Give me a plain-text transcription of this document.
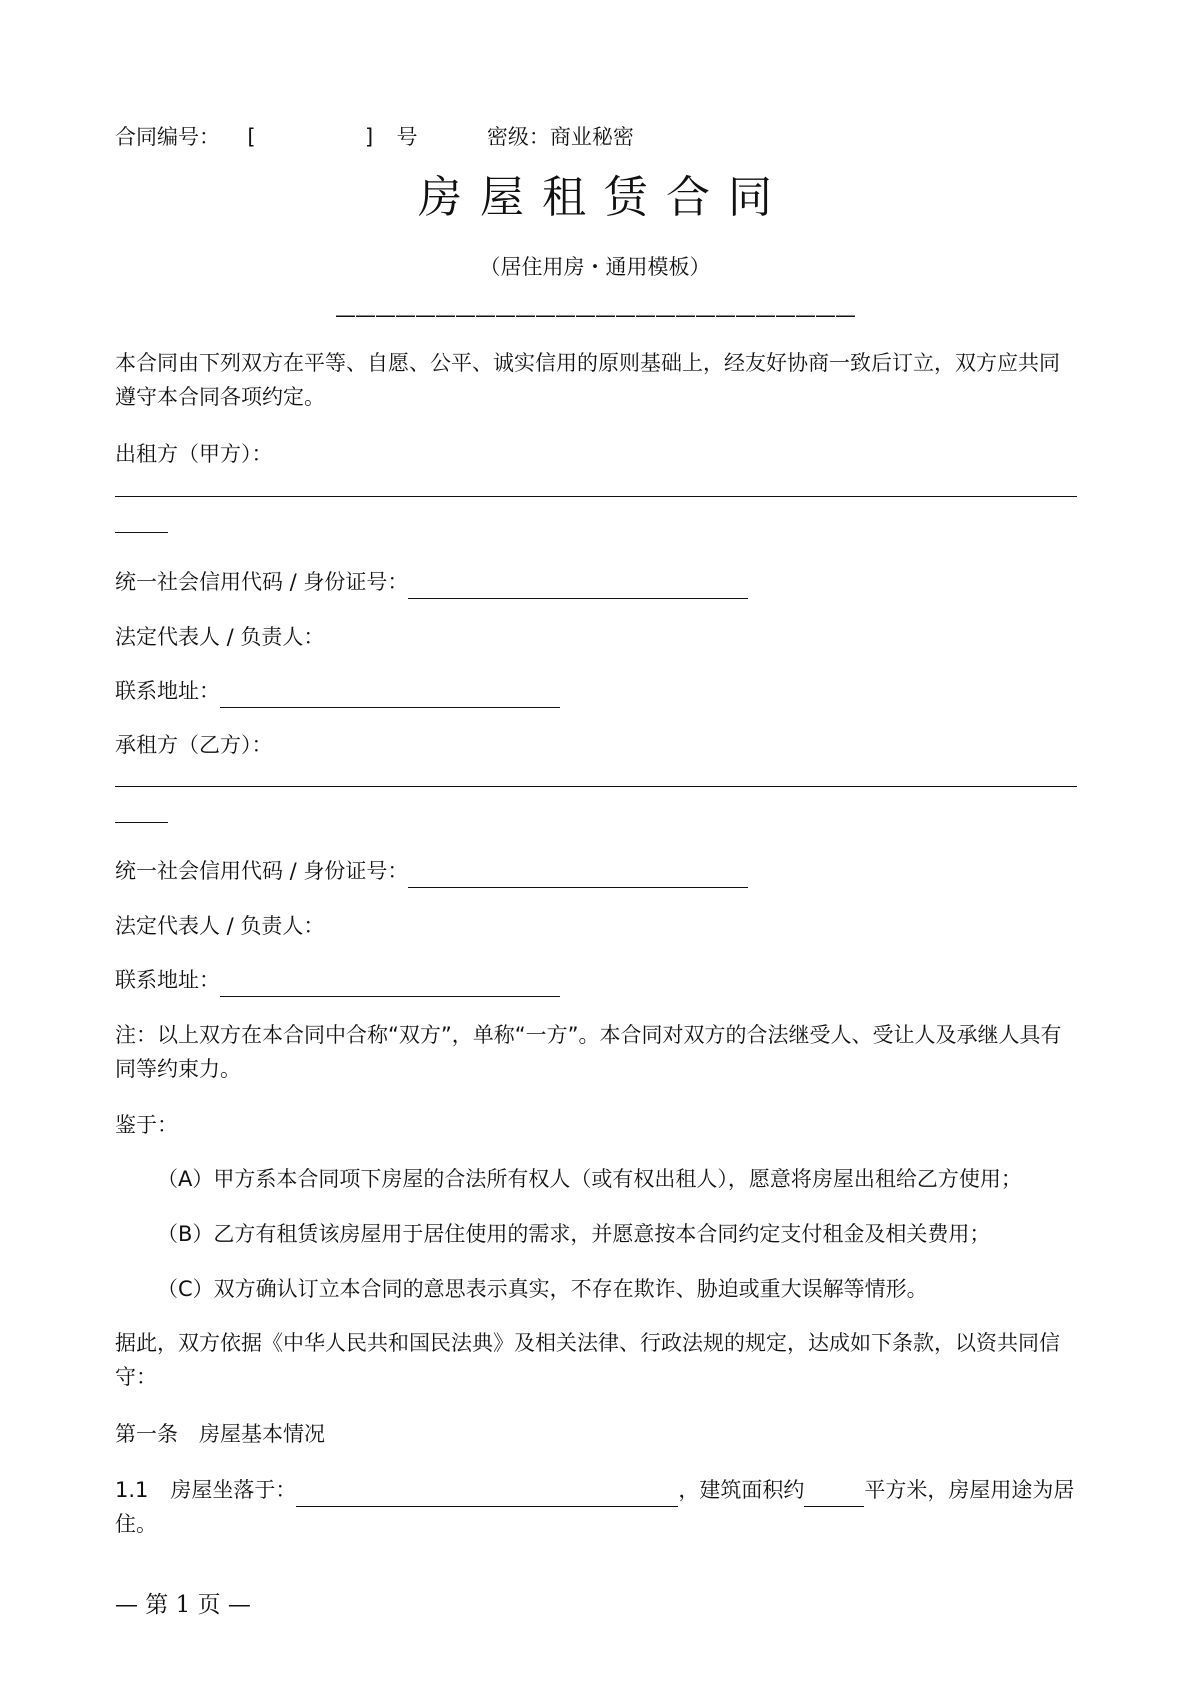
合同编号： [	] 号	密级：商业秘密
房屋租赁合同
（居住用房・通用模板）
——————————————————————————
本合同由下列双方在平等、自愿、公平、诚实信用的原则基础上，经友好协商一致后订立，双方应共同遵守本合同各项约定。
出租方（甲方）：
统一社会信用代码 / 身份证号：
法定代表人 / 负责人：
联系地址：
承租方（乙方）：
统一社会信用代码 / 身份证号：
法定代表人 / 负责人：
联系地址：
注：以上双方在本合同中合称“双方”，单称“一方”。本合同对双方的合法继受人、受让人及承继人具有同等约束力。
鉴于：
（A）甲方系本合同项下房屋的合法所有权人（或有权出租人），愿意将房屋出租给乙方使用；
（B）乙方有租赁该房屋用于居住使用的需求，并愿意按本合同约定支付租金及相关费用；
（C）双方确认订立本合同的意思表示真实，不存在欺诈、胁迫或重大误解等情形。
据此，双方依据《中华人民共和国民法典》及相关法律、行政法规的规定，达成如下条款，以资共同信守：
第一条　房屋基本情况
1.1 房屋坐落于：	，建筑面积约	平方米，房屋用途为居住。
— 第 1 页 —
